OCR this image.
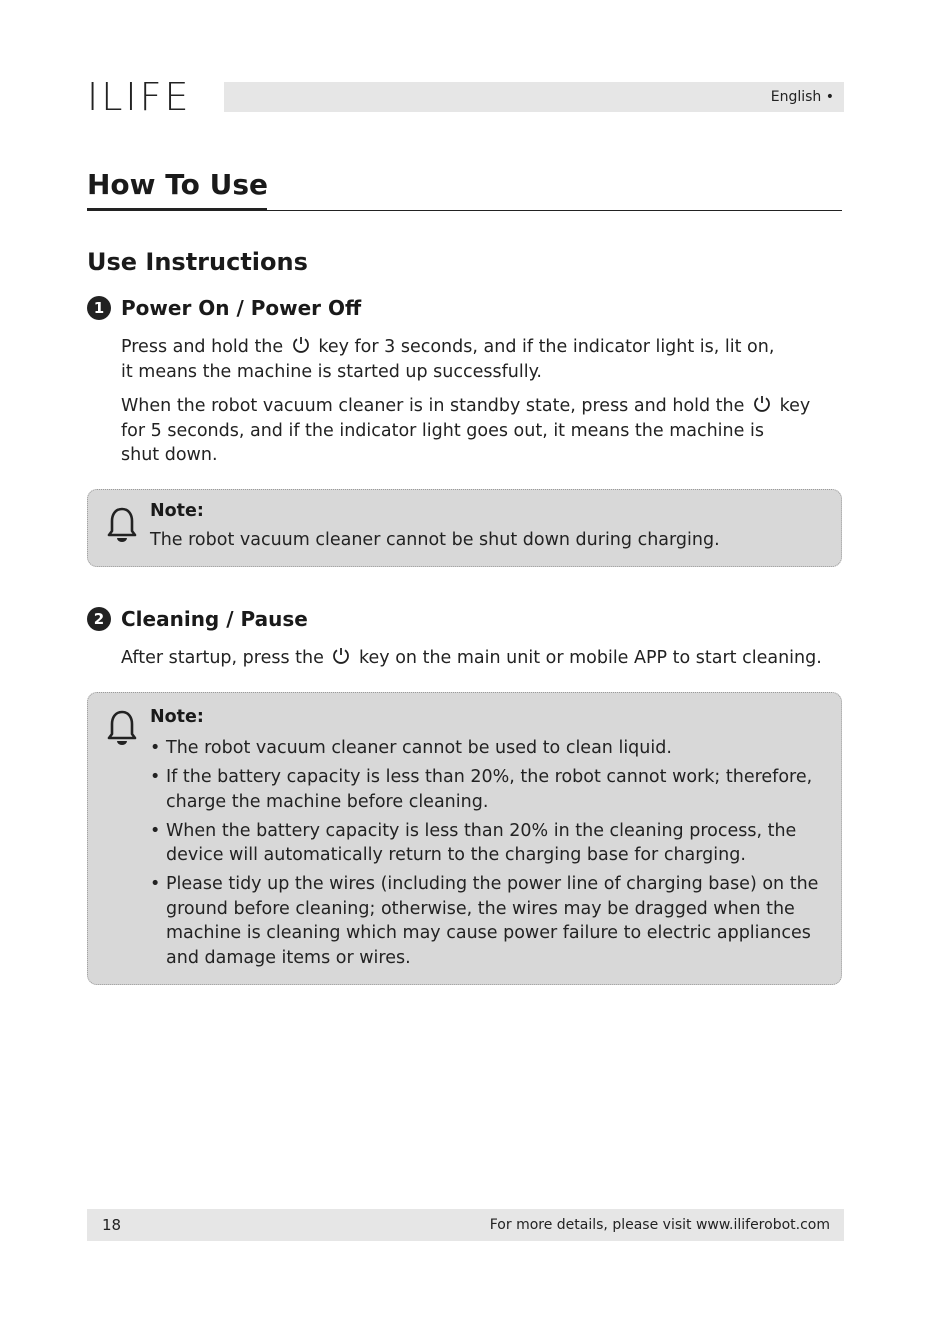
ILIFE	English •
How To Use
Use Instructions
1 Power On / Power Off

Press and hold the key for 3 seconds, and if the indicator light is, lit on,
it means the machine is started up successfully.

When the robot vacuum cleaner is in standby state, press and hold the key
for 5 seconds, and if the indicator light goes out, it means the machine is
shut down.

Note:
The robot vacuum cleaner cannot be shut down during charging.
2 Cleaning / Pause

After startup, press the key on the main unit or mobile APP to start cleaning.

Note:
• The robot vacuum cleaner cannot be used to clean liquid.
• If the battery capacity is less than 20%, the robot cannot work; therefore, charge the machine before cleaning.
• When the battery capacity is less than 20% in the cleaning process, the device will automatically return to the charging base for charging.
• Please tidy up the wires (including the power line of charging base) on the ground before cleaning; otherwise, the wires may be dragged when the machine is cleaning which may cause power failure to electric appliances and damage items or wires.
18	For more details, please visit www.iliferobot.com
